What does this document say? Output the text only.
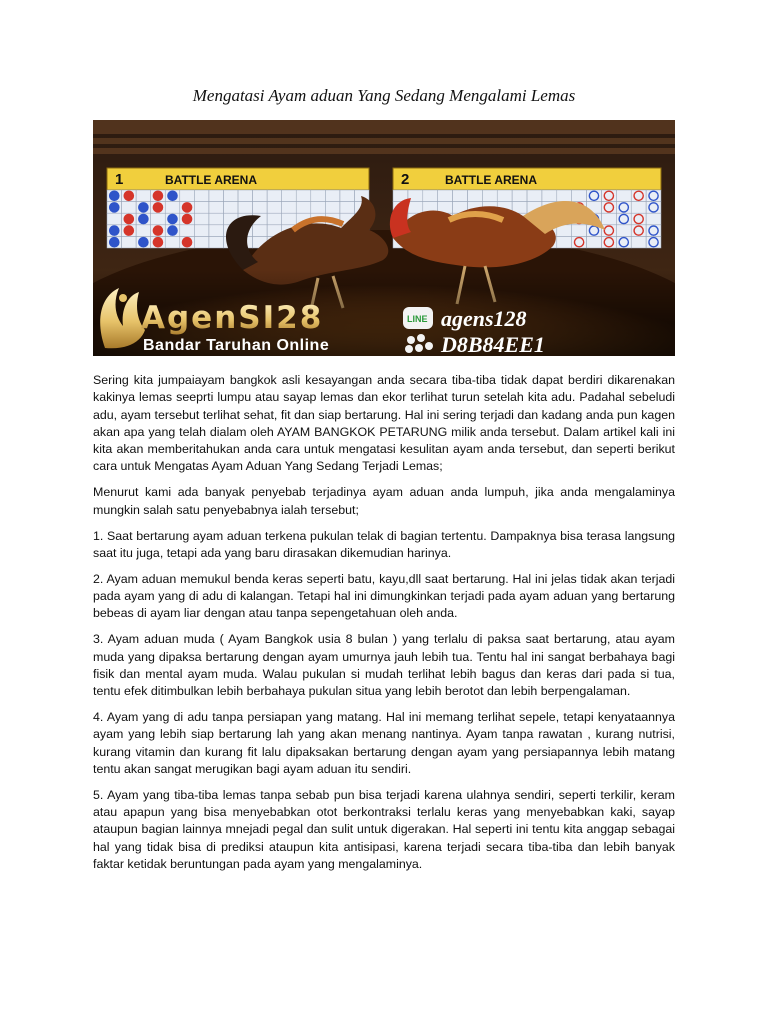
Mengatasi Ayam aduan Yang Sedang Mengalami Lemas
1	BATTLE ARENA	2	BATTLE ARENA
AgenSI28
Bandar Taruhan Online
LINE agens128
D8B84EE1

Sering kita jumpaiayam bangkok asli kesayangan anda secara tiba-tiba tidak dapat berdiri dikarenakan kakinya lemas seeprti lumpu atau sayap lemas dan ekor terlihat turun setelah kita adu. Padahal sebeludi adu, ayam tersebut terlihat sehat, fit dan siap bertarung. Hal ini sering terjadi dan kadang anda pun kagen akan apa yang telah dialam oleh AYAM BANGKOK PETARUNG milik anda tersebut. Dalam artikel kali ini kita akan memberitahukan anda cara untuk mengatasi kesulitan ayam anda tersebut, dan seperti berikut cara untuk Mengatas Ayam Aduan Yang Sedang Terjadi Lemas;

Menurut kami ada banyak penyebab terjadinya ayam aduan anda lumpuh, jika anda mengalaminya mungkin salah satu penyebabnya ialah tersebut;

1. Saat bertarung ayam aduan terkena pukulan telak di bagian tertentu. Dampaknya bisa terasa langsung saat itu juga, tetapi ada yang baru dirasakan dikemudian harinya.

2. Ayam aduan memukul benda keras seperti batu, kayu,dll saat bertarung. Hal ini jelas tidak akan terjadi pada ayam yang di adu di kalangan. Tetapi hal ini dimungkinkan terjadi pada ayam aduan yang bertarung bebeas di ayam liar dengan atau tanpa sepengetahuan oleh anda.

3. Ayam aduan muda ( Ayam Bangkok usia 8 bulan ) yang terlalu di paksa saat bertarung, atau ayam muda yang dipaksa bertarung dengan ayam umurnya jauh lebih tua. Tentu hal ini sangat berbahaya bagi fisik dan mental ayam muda. Walau pukulan si mudah terlihat lebih bagus dan keras dari pada si tua, tentu efek ditimbulkan lebih berbahaya pukulan situa yang lebih berotot dan lebih berpengalaman.

4. Ayam yang di adu tanpa persiapan yang matang. Hal ini memang terlihat sepele, tetapi kenyataannya ayam yang lebih siap bertarung lah yang akan menang nantinya. Ayam tanpa rawatan , kurang nutrisi, kurang vitamin dan kurang fit lalu dipaksakan bertarung dengan ayam yang persiapannya lebih matang tentu akan sangat merugikan bagi ayam aduan itu sendiri.

5. Ayam yang tiba-tiba lemas tanpa sebab pun bisa terjadi karena ulahnya sendiri, seperti terkilir, keram atau apapun yang bisa menyebabkan otot berkontraksi terlalu keras yang menyebabkan kaki, sayap ataupun bagian lainnya mnejadi pegal dan sulit untuk digerakan. Hal seperti ini tentu kita anggap sebagai hal yang tidak bisa di prediksi ataupun kita antisipasi, karena terjadi secara tiba-tiba dan lebih banyak faktar ketidak beruntungan pada ayam yang mengalaminya.
